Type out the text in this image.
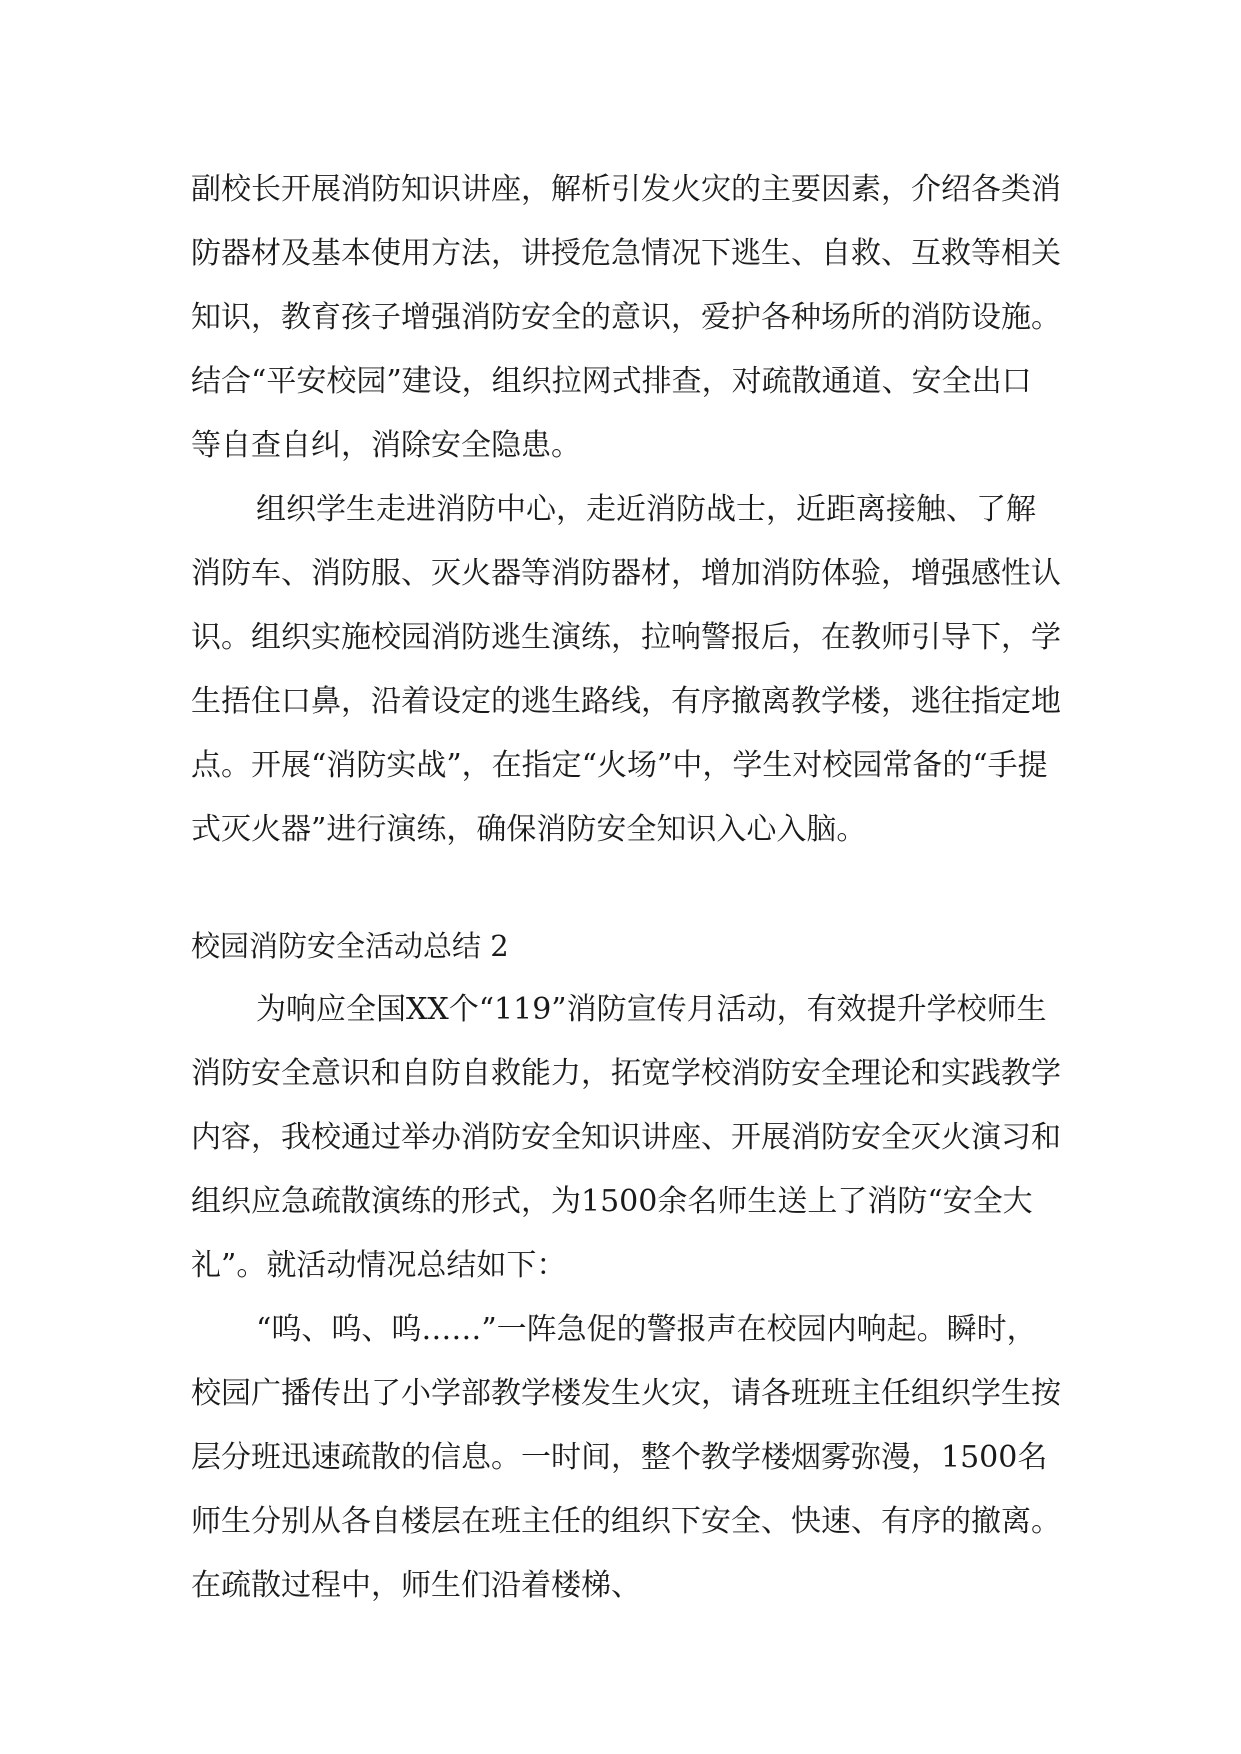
副校长开展消防知识讲座，解析引发火灾的主要因素，介绍各类消防器材及基本使用方法，讲授危急情况下逃生、自救、互救等相关知识，教育孩子增强消防安全的意识，爱护各种场所的消防设施。结合“平安校园”建设，组织拉网式排查，对疏散通道、安全出口等自查自纠，消除安全隐患。

组织学生走进消防中心，走近消防战士，近距离接触、了解消防车、消防服、灭火器等消防器材，增加消防体验，增强感性认识。组织实施校园消防逃生演练，拉响警报后，在教师引导下，学生捂住口鼻，沿着设定的逃生路线，有序撤离教学楼，逃往指定地点。开展“消防实战”，在指定“火场”中，学生对校园常备的“手提式灭火器”进行演练，确保消防安全知识入心入脑。

校园消防安全活动总结 2

为响应全国XX个“119”消防宣传月活动，有效提升学校师生消防安全意识和自防自救能力，拓宽学校消防安全理论和实践教学内容，我校通过举办消防安全知识讲座、开展消防安全灭火演习和组织应急疏散演练的形式，为1500余名师生送上了消防“安全大礼”。就活动情况总结如下：

“呜、呜、呜……”一阵急促的警报声在校园内响起。瞬时，校园广播传出了小学部教学楼发生火灾，请各班班主任组织学生按层分班迅速疏散的信息。一时间，整个教学楼烟雾弥漫，1500名师生分别从各自楼层在班主任的组织下安全、快速、有序的撤离。在疏散过程中，师生们沿着楼梯、
